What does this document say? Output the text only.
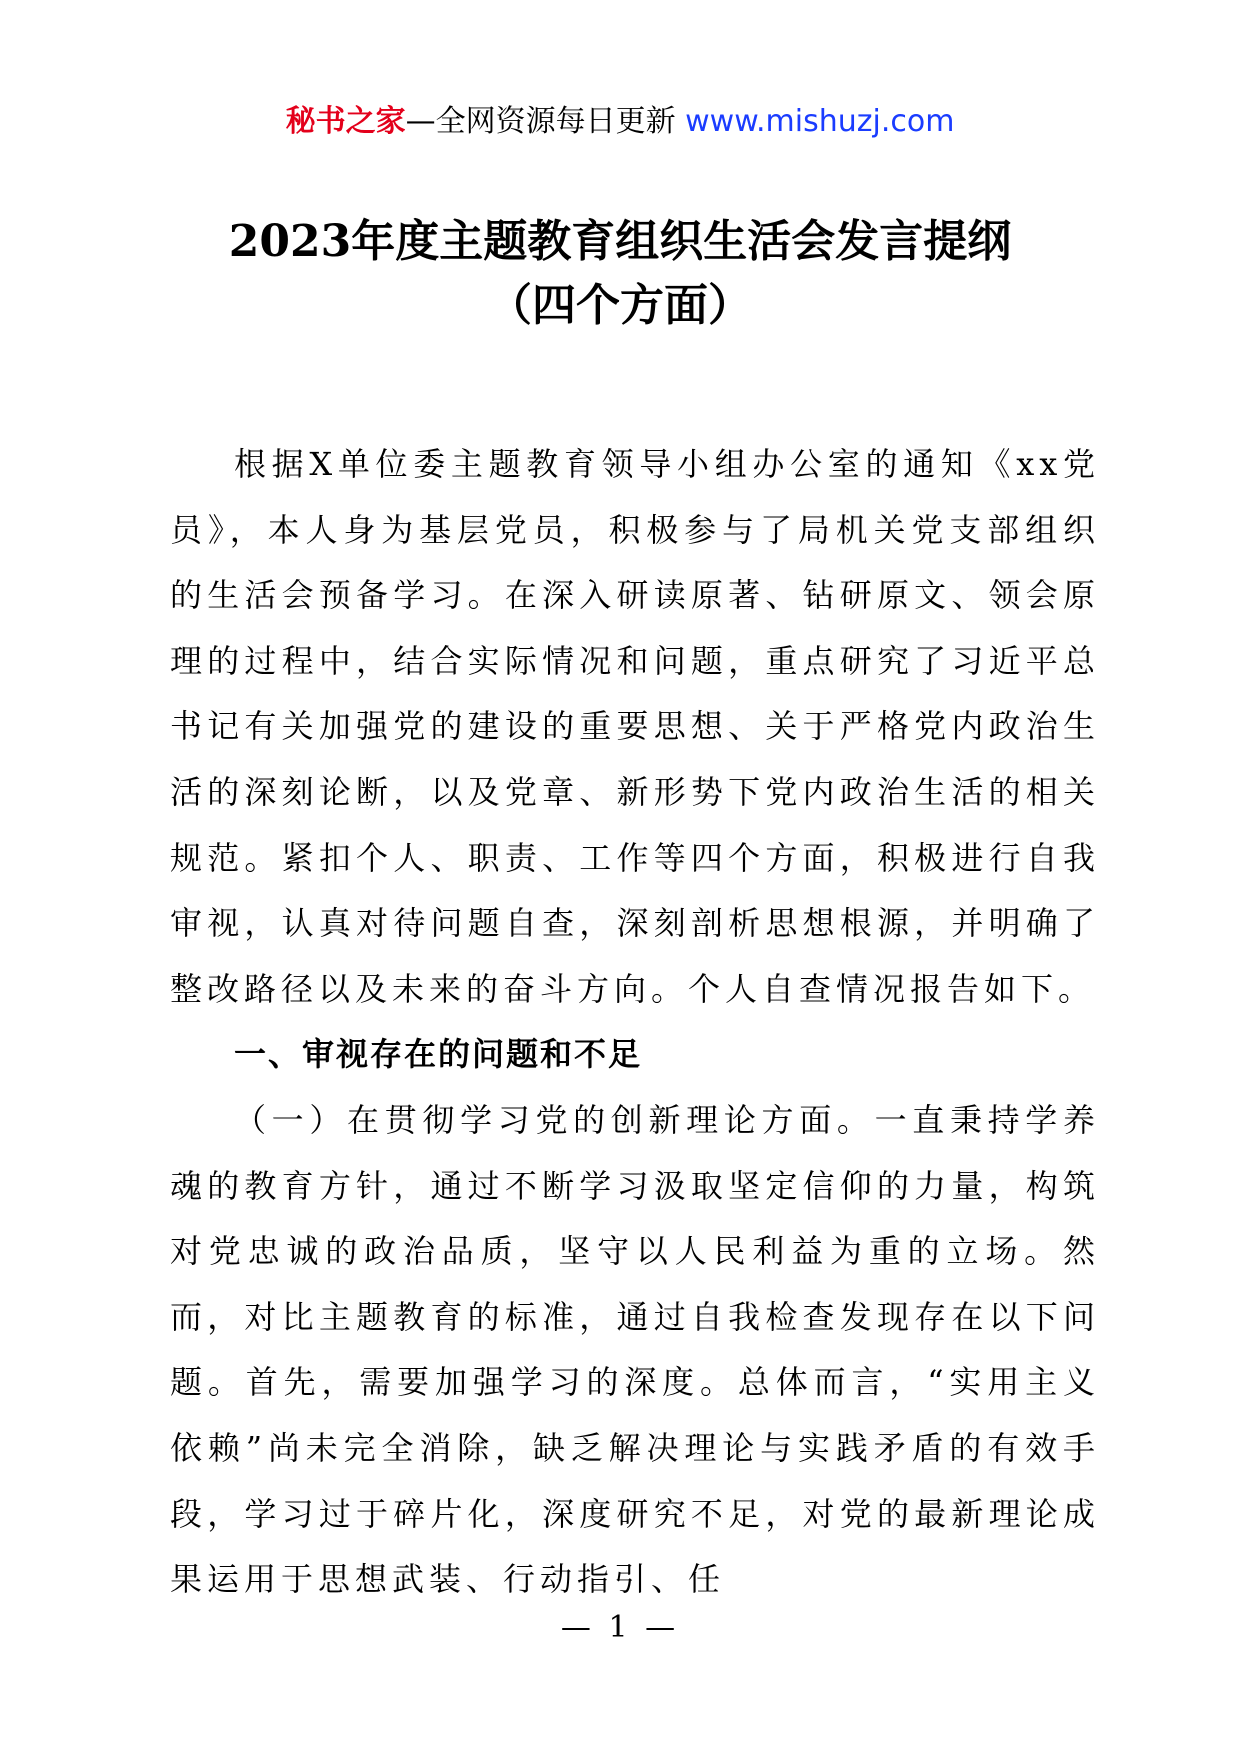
秘书之家—全网资源每日更新 www.mishuzj.com
2023年度主题教育组织生活会发言提纲
（四个方面）

根据X单位委主题教育领导小组办公室的通知《xx党员》，本人身为基层党员，积极参与了局机关党支部组织的生活会预备学习。在深入研读原著、钻研原文、领会原理的过程中，结合实际情况和问题，重点研究了习近平总书记有关加强党的建设的重要思想、关于严格党内政治生活的深刻论断，以及党章、新形势下党内政治生活的相关规范。紧扣个人、职责、工作等四个方面，积极进行自我审视，认真对待问题自查，深刻剖析思想根源，并明确了整改路径以及未来的奋斗方向。个人自查情况报告如下。

一、审视存在的问题和不足

（一）在贯彻学习党的创新理论方面。一直秉持学养魂的教育方针，通过不断学习汲取坚定信仰的力量，构筑对党忠诚的政治品质，坚守以人民利益为重的立场。然而，对比主题教育的标准，通过自我检查发现存在以下问题。首先，需要加强学习的深度。总体而言，“实用主义依赖”尚未完全消除，缺乏解决理论与实践矛盾的有效手段，学习过于碎片化，深度研究不足，对党的最新理论成果运用于思想武装、行动指引、任

— 1 —
